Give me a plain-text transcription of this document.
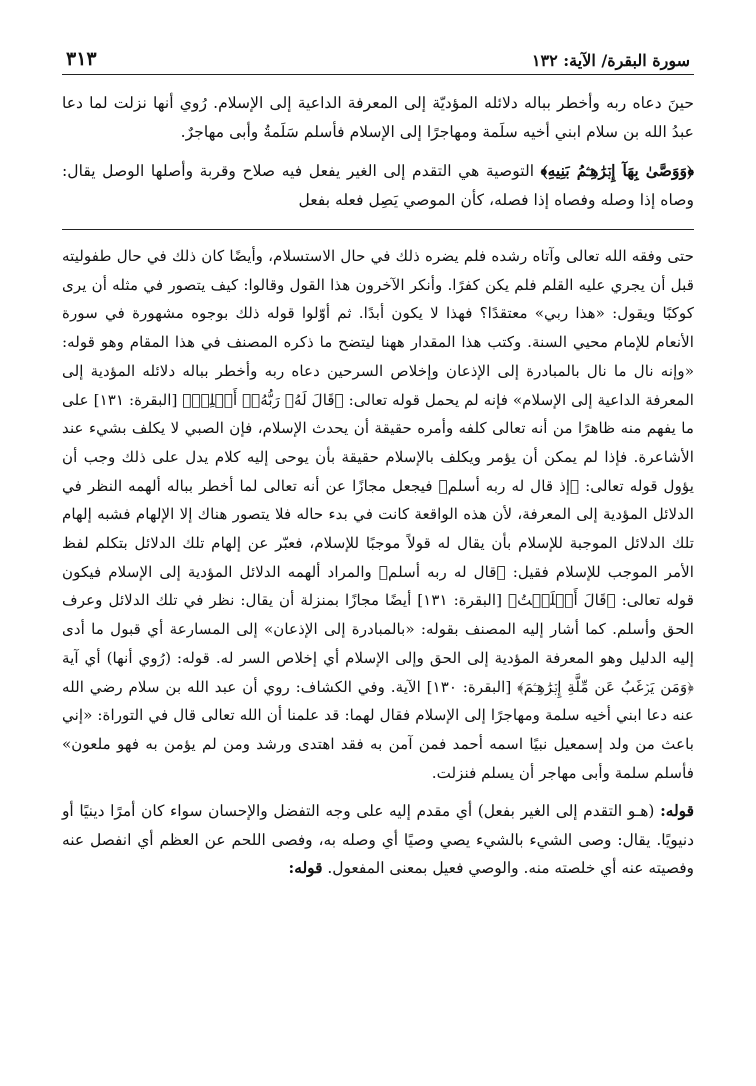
سورة البقرة/ الآية: ١٣٢
٣١٣

حينَ دعاه ربه وأخطر بباله دلائله المؤديّة إلى المعرفة الداعية إلى الإسلام. رُوي أنها نزلت لما دعا عبدُ الله بن سلام ابني أخيه سلَمة ومهاجرًا إلى الإسلام فأسلم سَلَمةُ وأبى مهاجرٌ.

﴿وَوَصَّىٰ بِهَآ إِبۡرَٰهِـۧمُ بَنِيهِ﴾ التوصية هي التقدم إلى الغير يفعل فيه صلاح وقربة وأصلها الوصل يقال: وصاه إذا وصله وفصاه إذا فصله، كأن الموصي يَصِل فعله بفعل

حتى وفقه الله تعالى وآتاه رشده فلم يضره ذلك في حال الاستسلام، وأيضًا كان ذلك في حال طفوليته قبل أن يجري عليه القلم فلم يكن كفرًا. وأنكر الآخرون هذا القول وقالوا: كيف يتصور في مثله أن يرى كوكبًا ويقول: «هذا ربي» معتقدًا؟ فهذا لا يكون أبدًا. ثم أوّلوا قوله ذلك بوجوه مشهورة في سورة الأنعام للإمام محيي السنة. وكتب هذا المقدار ههنا ليتضح ما ذكره المصنف في هذا المقام وهو قوله: «وإنه نال ما نال بالمبادرة إلى الإذعان وإخلاص السرحين دعاه ربه وأخطر بباله دلائله المؤدية إلى المعرفة الداعية إلى الإسلام» فإنه لم يحمل قوله تعالى: ﴿قَالَ لَهُۥ رَبُّهُۥٓ أَسۡلِمۡ﴾ [البقرة: ١٣١] على ما يفهم منه ظاهرًا من أنه تعالى كلفه وأمره حقيقة أن يحدث الإسلام، فإن الصبي لا يكلف بشيء عند الأشاعرة. فإذا لم يمكن أن يؤمر ويكلف بالإسلام حقيقة بأن يوحى إليه كلام يدل على ذلك وجب أن يؤول قوله تعالى: ﴿إذ قال له ربه أسلم﴾ فيجعل مجازًا عن أنه تعالى لما أخطر بباله ألهمه النظر في الدلائل المؤدية إلى المعرفة، لأن هذه الواقعة كانت في بدء حاله فلا يتصور هناك إلا الإلهام فشبه إلهام تلك الدلائل الموجبة للإسلام بأن يقال له قولاً موجبًا للإسلام، فعبّر عن إلهام تلك الدلائل بتكلم لفظ الأمر الموجب للإسلام فقيل: ﴿قال له ربه أسلم﴾ والمراد ألهمه الدلائل المؤدية إلى الإسلام فيكون قوله تعالى: ﴿قَالَ أَسۡلَمۡتُ﴾ [البقرة: ١٣١] أيضًا مجازًا بمنزلة أن يقال: نظر في تلك الدلائل وعرف الحق وأسلم. كما أشار إليه المصنف بقوله: «بالمبادرة إلى الإذعان» إلى المسارعة أي قبول ما أدى إليه الدليل وهو المعرفة المؤدية إلى الحق وإلى الإسلام أي إخلاص السر له. قوله: (رُوي أنها) أي آية ﴿وَمَن يَرۡغَبُ عَن مِّلَّةِ إِبۡرَٰهِـۧمَ﴾ [البقرة: ١٣٠] الآية. وفي الكشاف: روي أن عبد الله بن سلام رضي الله عنه دعا ابني أخيه سلمة ومهاجرًا إلى الإسلام فقال لهما: قد علمنا أن الله تعالى قال في التوراة: «إني باعث من ولد إسمعيل نبيًا اسمه أحمد فمن آمن به فقد اهتدى ورشد ومن لم يؤمن به فهو ملعون» فأسلم سلمة وأبى مهاجر أن يسلم فنزلت.

قوله: (هـو التقدم إلى الغير بفعل) أي مقدم إليه على وجه التفضل والإحسان سواء كان أمرًا دينيًا أو دنيويًا. يقال: وصى الشيء بالشيء يصي وصيًا أي وصله به، وفصى اللحم عن العظم أي انفصل عنه وفصيته عنه أي خلصته منه. والوصي فعيل بمعنى المفعول. قوله:
